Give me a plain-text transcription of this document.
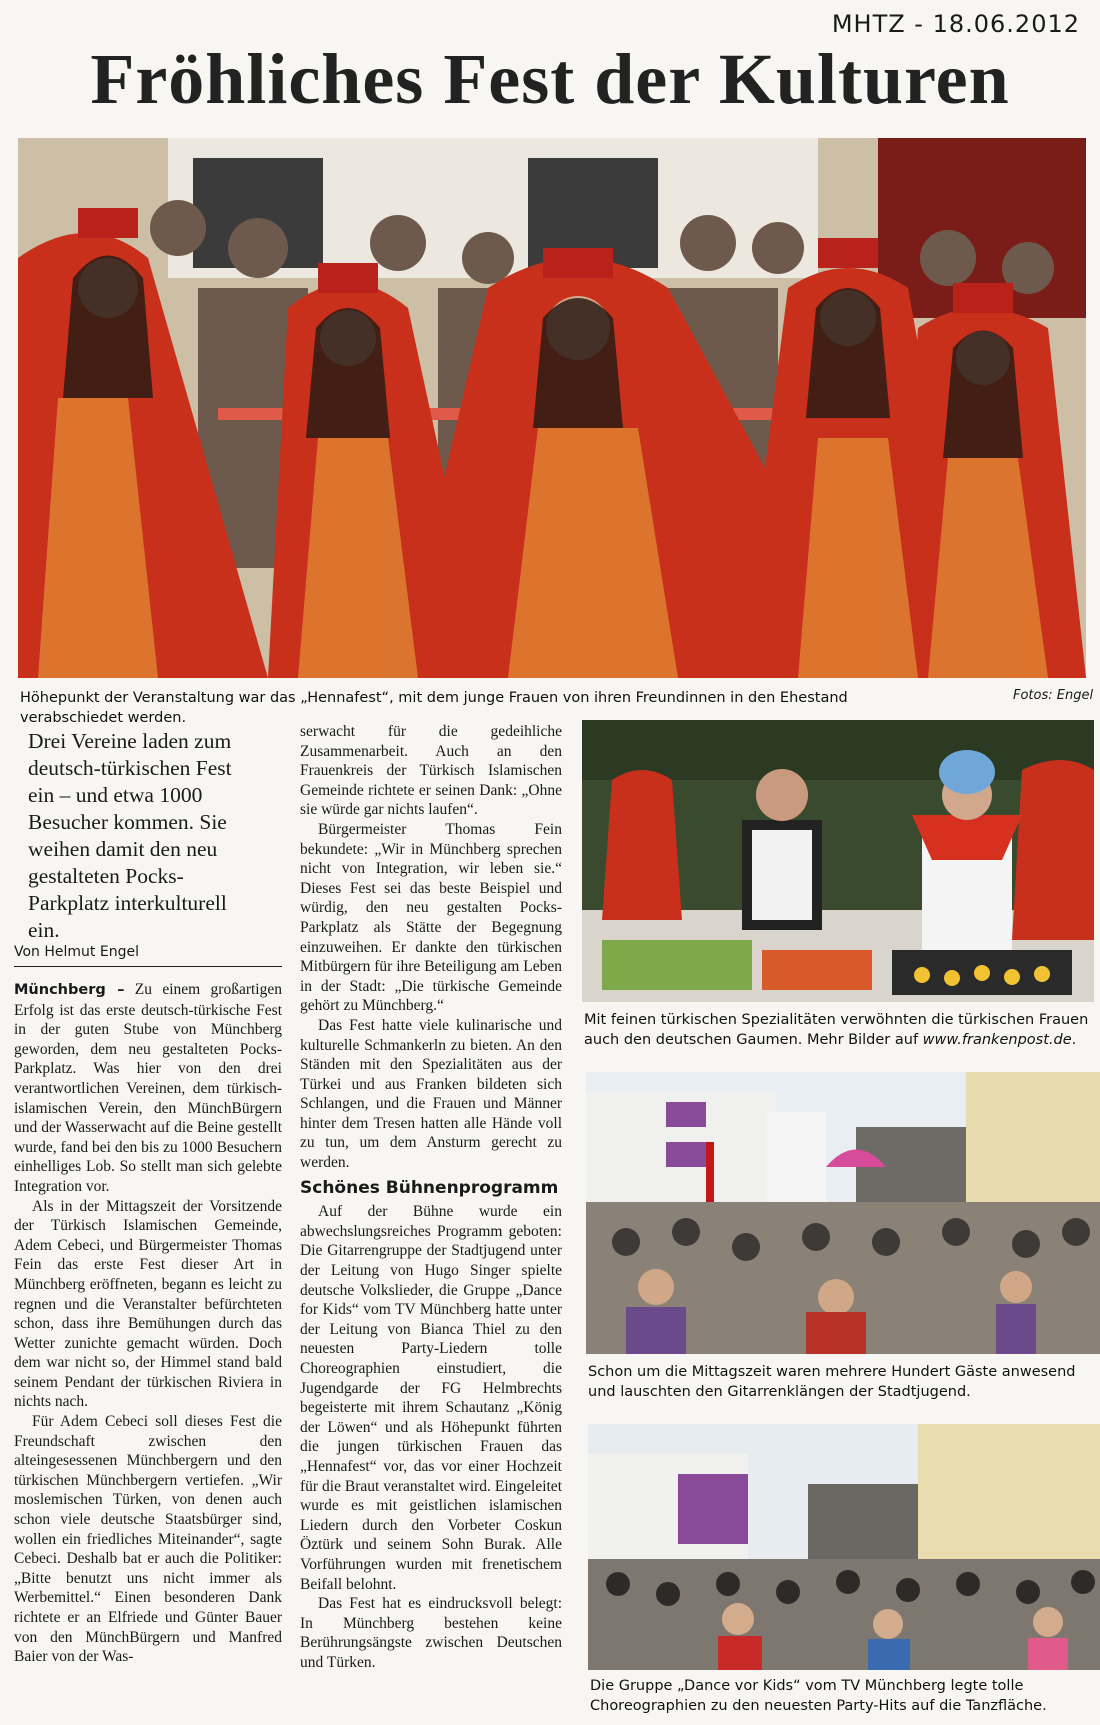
MHTZ - 18.06.2012
Fröhliches Fest der Kulturen
Höhepunkt der Veranstaltung war das „Hennafest“, mit dem junge Frauen von ihren Freundinnen in den Ehestand verabschiedet werden.
Fotos: Engel
Drei Vereine laden zum deutsch-türkischen Fest ein – und etwa 1000 Besucher kommen. Sie weihen damit den neu gestalteten Pocks-Parkplatz interkulturell ein.
Von Helmut Engel

Münchberg – Zu einem großartigen Erfolg ist das erste deutsch-türkische Fest in der guten Stube von Münchberg geworden, dem neu gestalteten Pocks-Parkplatz. Was hier von den drei verantwortlichen Vereinen, dem türkisch-islamischen Verein, den MünchBürgern und der Wasserwacht auf die Beine gestellt wurde, fand bei den bis zu 1000 Besuchern einhelliges Lob. So stellt man sich gelebte Integration vor.

Als in der Mittagszeit der Vorsitzende der Türkisch Islamischen Gemeinde, Adem Cebeci, und Bürgermeister Thomas Fein das erste Fest dieser Art in Münchberg eröffneten, begann es leicht zu regnen und die Veranstalter befürchteten schon, dass ihre Bemühungen durch das Wetter zunichte gemacht würden. Doch dem war nicht so, der Himmel stand bald seinem Pendant der türkischen Riviera in nichts nach.

Für Adem Cebeci soll dieses Fest die Freundschaft zwischen den alteingesessenen Münchbergern und den türkischen Münchbergern vertiefen. „Wir moslemischen Türken, von denen auch schon viele deutsche Staatsbürger sind, wollen ein friedliches Miteinander“, sagte Cebeci. Deshalb bat er auch die Politiker: „Bitte benutzt uns nicht immer als Werbemittel.“ Einen besonderen Dank richtete er an Elfriede und Günter Bauer von den MünchBürgern und Manfred Baier von der Was-

serwacht für die gedeihliche Zusammenarbeit. Auch an den Frauenkreis der Türkisch Islamischen Gemeinde richtete er seinen Dank: „Ohne sie würde gar nichts laufen“.

Bürgermeister Thomas Fein bekundete: „Wir in Münchberg sprechen nicht von Integration, wir leben sie.“ Dieses Fest sei das beste Beispiel und würdig, den neu gestalten Pocks-Parkplatz als Stätte der Begegnung einzuweihen. Er dankte den türkischen Mitbürgern für ihre Beteiligung am Leben in der Stadt: „Die türkische Gemeinde gehört zu Münchberg.“

Das Fest hatte viele kulinarische und kulturelle Schmankerln zu bieten. An den Ständen mit den Spezialitäten aus der Türkei und aus Franken bildeten sich Schlangen, und die Frauen und Männer hinter dem Tresen hatten alle Hände voll zu tun, um dem Ansturm gerecht zu werden.

Schönes Bühnenprogramm

Auf der Bühne wurde ein abwechslungsreiches Programm geboten: Die Gitarrengruppe der Stadtjugend unter der Leitung von Hugo Singer spielte deutsche Volkslieder, die Gruppe „Dance for Kids“ vom TV Münchberg hatte unter der Leitung von Bianca Thiel zu den neuesten Party-Liedern tolle Choreographien einstudiert, die Jugendgarde der FG Helmbrechts begeisterte mit ihrem Schautanz „König der Löwen“ und als Höhepunkt führten die jungen türkischen Frauen das „Hennafest“ vor, das vor einer Hochzeit für die Braut veranstaltet wird. Eingeleitet wurde es mit geistlichen islamischen Liedern durch den Vorbeter Coskun Öztürk und seinem Sohn Burak. Alle Vorführungen wurden mit frenetischem Beifall belohnt.

Das Fest hat es eindrucksvoll belegt: In Münchberg bestehen keine Berührungsängste zwischen Deutschen und Türken.

Mit feinen türkischen Spezialitäten verwöhnten die türkischen Frauen auch den deutschen Gaumen. Mehr Bilder auf www.frankenpost.de.
Schon um die Mittagszeit waren mehrere Hundert Gäste anwesend und lauschten den Gitarrenklängen der Stadtjugend.
Die Gruppe „Dance vor Kids“ vom TV Münchberg legte tolle Choreographien zu den neuesten Party-Hits auf die Tanzfläche.
